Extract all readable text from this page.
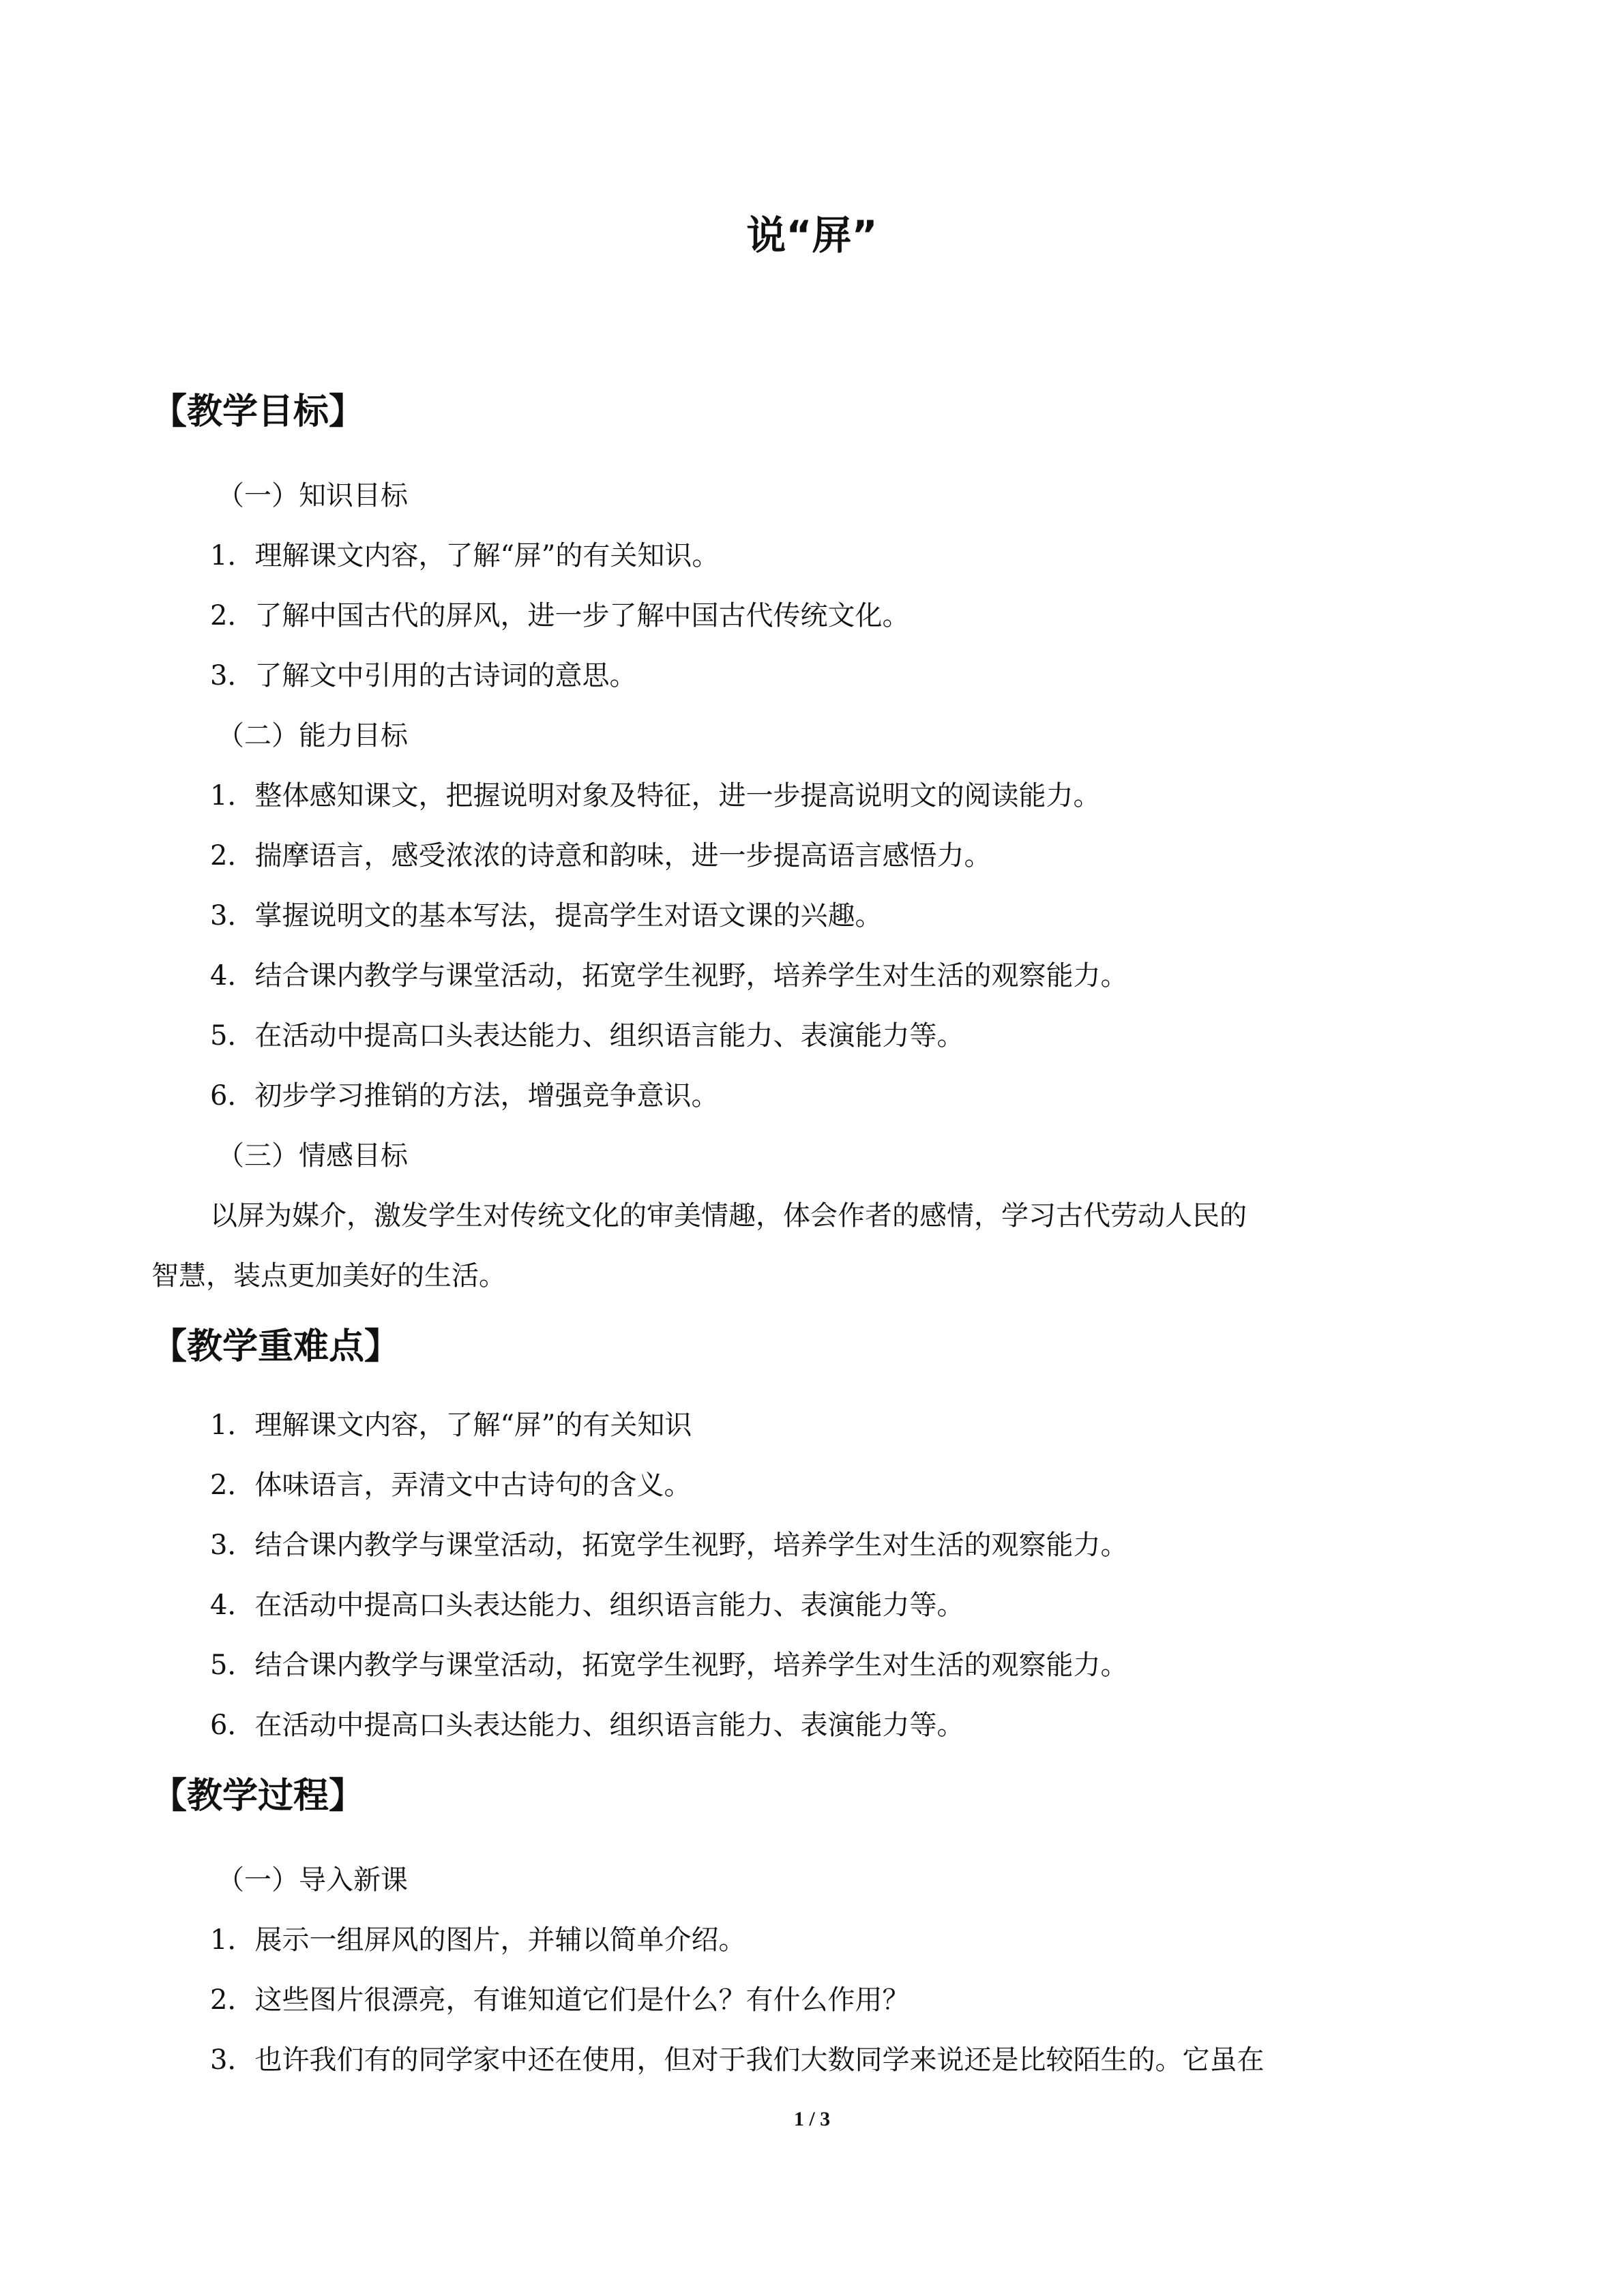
说“屏”
【教学目标】
（一）知识目标
1．理解课文内容，了解“屏”的有关知识。
2．了解中国古代的屏风，进一步了解中国古代传统文化。
3．了解文中引用的古诗词的意思。
（二）能力目标
1．整体感知课文，把握说明对象及特征，进一步提高说明文的阅读能力。
2．揣摩语言，感受浓浓的诗意和韵味，进一步提高语言感悟力。
3．掌握说明文的基本写法，提高学生对语文课的兴趣。
4．结合课内教学与课堂活动，拓宽学生视野，培养学生对生活的观察能力。
5．在活动中提高口头表达能力、组织语言能力、表演能力等。
6．初步学习推销的方法，增强竞争意识。
（三）情感目标
以屏为媒介，激发学生对传统文化的审美情趣，体会作者的感情，学习古代劳动人民的
智慧，装点更加美好的生活。
【教学重难点】
1．理解课文内容，了解“屏”的有关知识
2．体味语言，弄清文中古诗句的含义。
3．结合课内教学与课堂活动，拓宽学生视野，培养学生对生活的观察能力。
4．在活动中提高口头表达能力、组织语言能力、表演能力等。
5．结合课内教学与课堂活动，拓宽学生视野，培养学生对生活的观察能力。
6．在活动中提高口头表达能力、组织语言能力、表演能力等。
【教学过程】
（一）导入新课
1．展示一组屏风的图片，并辅以简单介绍。
2．这些图片很漂亮，有谁知道它们是什么？有什么作用？
3．也许我们有的同学家中还在使用，但对于我们大数同学来说还是比较陌生的。它虽在
1 / 3
